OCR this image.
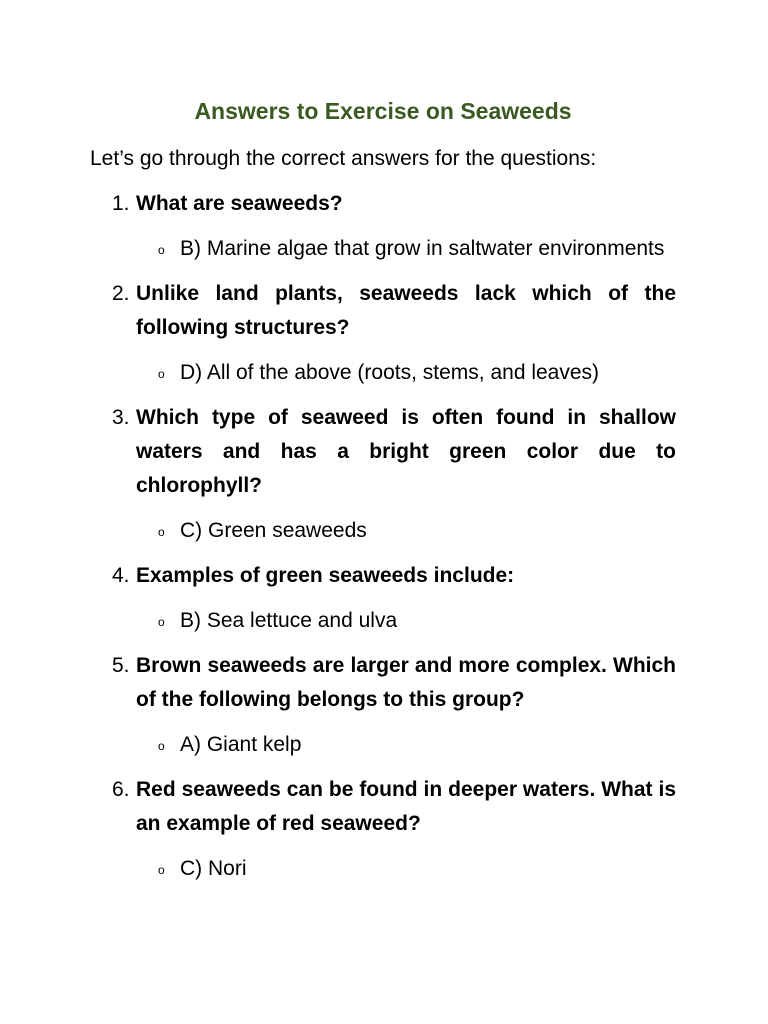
Answers to Exercise on Seaweeds

Let’s go through the correct answers for the questions:

1. What are seaweeds?

o B) Marine algae that grow in saltwater environments

2. Unlike land plants, seaweeds lack which of the following structures?

o D) All of the above (roots, stems, and leaves)

3. Which type of seaweed is often found in shallow waters and has a bright green color due to chlorophyll?

o C) Green seaweeds

4. Examples of green seaweeds include:

o B) Sea lettuce and ulva

5. Brown seaweeds are larger and more complex. Which of the following belongs to this group?

o A) Giant kelp

6. Red seaweeds can be found in deeper waters. What is an example of red seaweed?

o C) Nori
